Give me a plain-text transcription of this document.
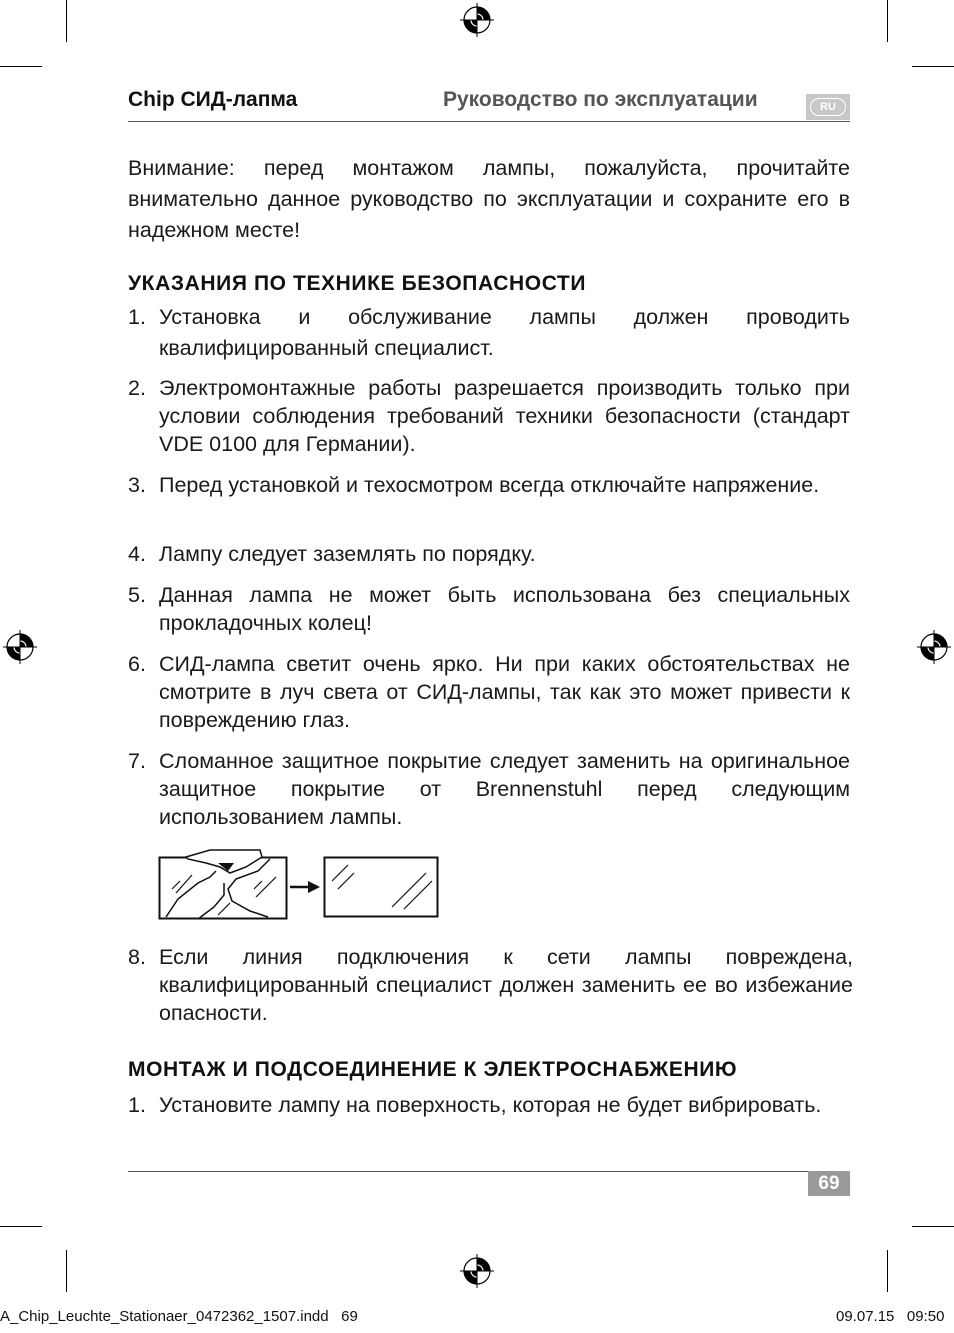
Chip СИД-лапма	Руководство по эксплуатации	RU
Внимание: перед монтажом лампы, пожалуйста, прочитайте внимательно данное руководство по эксплуатации и сохраните его в надежном месте!
УКАЗАНИЯ ПО ТЕХНИКЕ БЕЗОПАСНОСТИ
1. Установка и обслуживание лампы должен проводить квалифицированный специалист.
2. Электромонтажные работы разрешается производить только при условии соблюдения требований техники безопасности (стандарт VDE 0100 для Германии).
3. Перед установкой и техосмотром всегда отключайте напряжение.
4. Лампу следует заземлять по порядку.
5. Данная лампа не может быть использована без специальных прокладочных колец!
6. СИД-лампа светит очень ярко. Ни при каких обстоятельствах не смотрите в луч света от СИД-лампы, так как это может привести к повреждению глаз.
7. Сломанное защитное покрытие следует заменить на оригинальное защитное покрытие от Brennenstuhl перед следующим использованием лампы.
8. Если линия подключения к сети лампы повреждена, квалифицированный специалист должен заменить ее во избежание опасности.
МОНТАЖ И ПОДСОЕДИНЕНИЕ К ЭЛЕКТРОСНАБЖЕНИЮ
1. Установите лампу на поверхность, которая не будет вибрировать.
69
A_Chip_Leuchte_Stationaer_0472362_1507.indd   69	09.07.15   09:50
